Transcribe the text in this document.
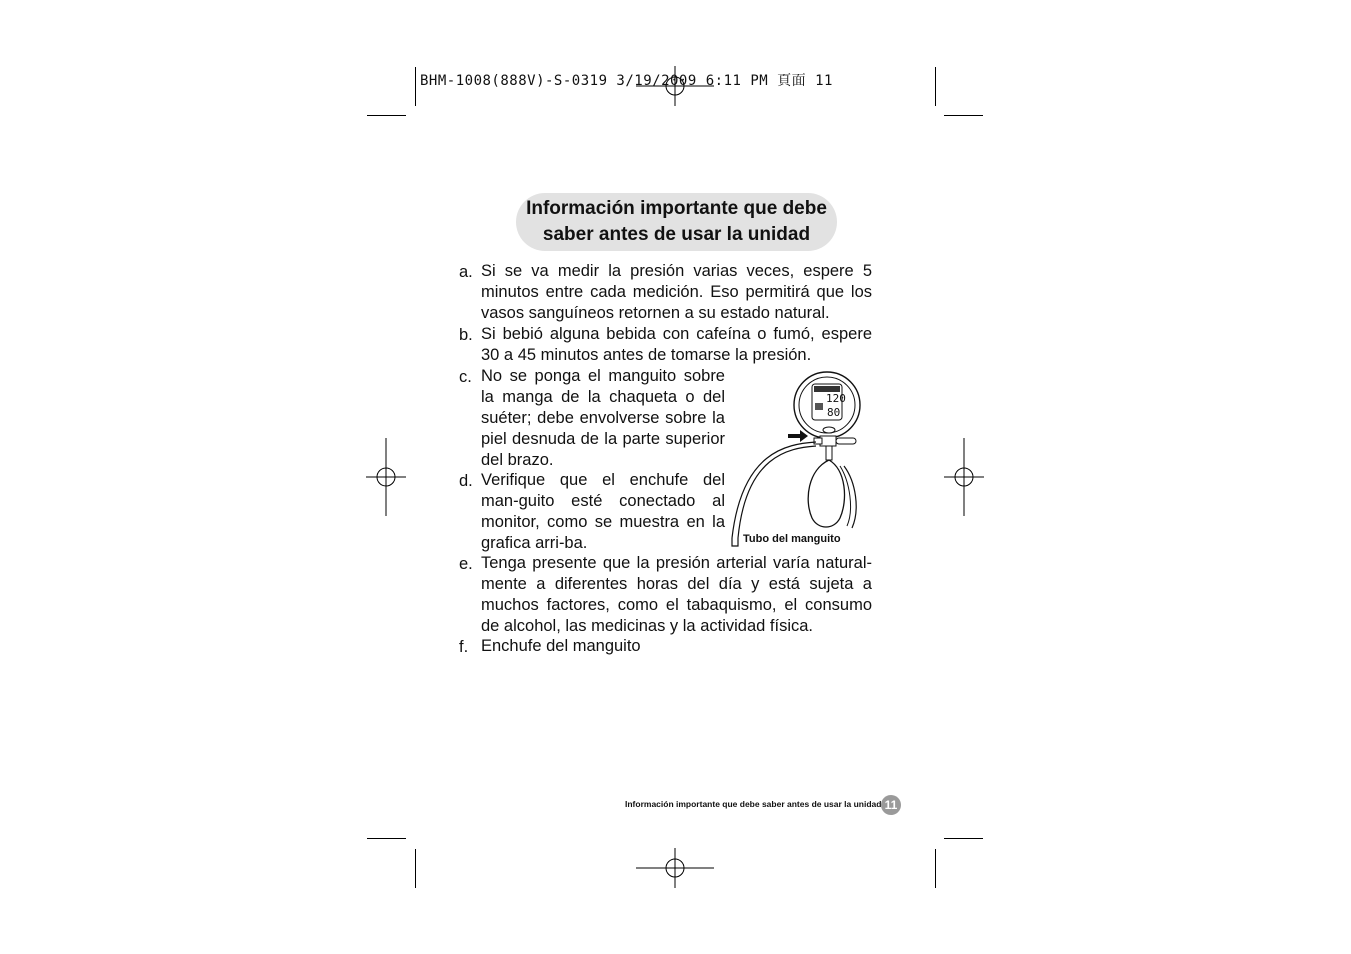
BHM-1008(888V)-S-0319 3/19/2009 6:11 PM 頁面 11
Información importante que debe
saber antes de usar la unidad
a. Si se va medir la presión varias veces, espere 5 minutos entre cada medición. Eso permitirá que los vasos sanguíneos retornen a su estado natural.
b. Si bebió alguna bebida con cafeína o fumó, espere 30 a 45 minutos antes de tomarse la presión.
c. No se ponga el manguito sobre la manga de la chaqueta o del suéter; debe envolverse sobre la piel desnuda de la parte superior del brazo.
d. Verifique que el enchufe del man-guito esté conectado al monitor, como se muestra en la grafica arri-ba.
e. Tenga presente que la presión arterial varía natural-mente a diferentes horas del día y está sujeta a muchos factores, como el tabaquismo, el consumo de alcohol, las medicinas y la actividad física.
f. Enchufe del manguito
120
80
Tubo del manguito
Información importante que debe saber antes de usar la unidad 11
